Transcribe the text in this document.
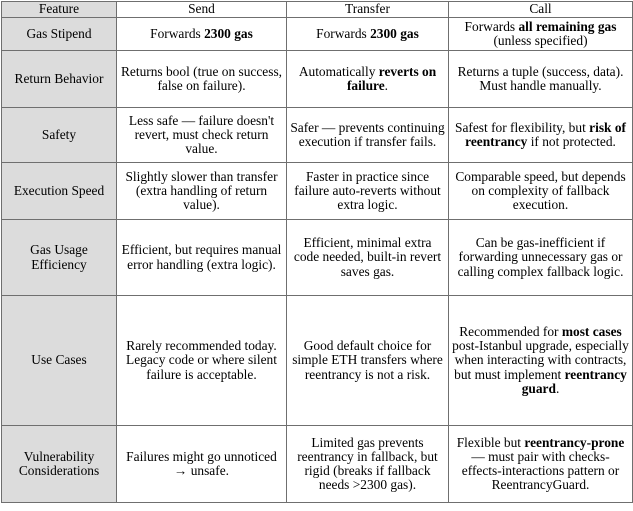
Feature	Send	Transfer	Call
Gas Stipend	Forwards 2300 gas	Forwards 2300 gas	Forwards all remaining gas (unless specified)
Return Behavior	Returns bool (true on success, false on failure).	Automatically reverts on failure.	Returns a tuple (success, data). Must handle manually.
Safety	Less safe — failure doesn't revert, must check return value.	Safer — prevents continuing execution if transfer fails.	Safest for flexibility, but risk of reentrancy if not protected.
Execution Speed	Slightly slower than transfer (extra handling of return value).	Faster in practice since failure auto-reverts without extra logic.	Comparable speed, but depends on complexity of fallback execution.
Gas Usage Efficiency	Efficient, but requires manual error handling (extra logic).	Efficient, minimal extra code needed, built-in revert saves gas.	Can be gas-inefficient if forwarding unnecessary gas or calling complex fallback logic.
Use Cases	Rarely recommended today. Legacy code or where silent failure is acceptable.	Good default choice for simple ETH transfers where reentrancy is not a risk.	Recommended for most cases post-Istanbul upgrade, especially when interacting with contracts, but must implement reentrancy guard.
Vulnerability Considerations	Failures might go unnoticed → unsafe.	Limited gas prevents reentrancy in fallback, but rigid (breaks if fallback needs >2300 gas).	Flexible but reentrancy-prone — must pair with checks-effects-interactions pattern or ReentrancyGuard.
